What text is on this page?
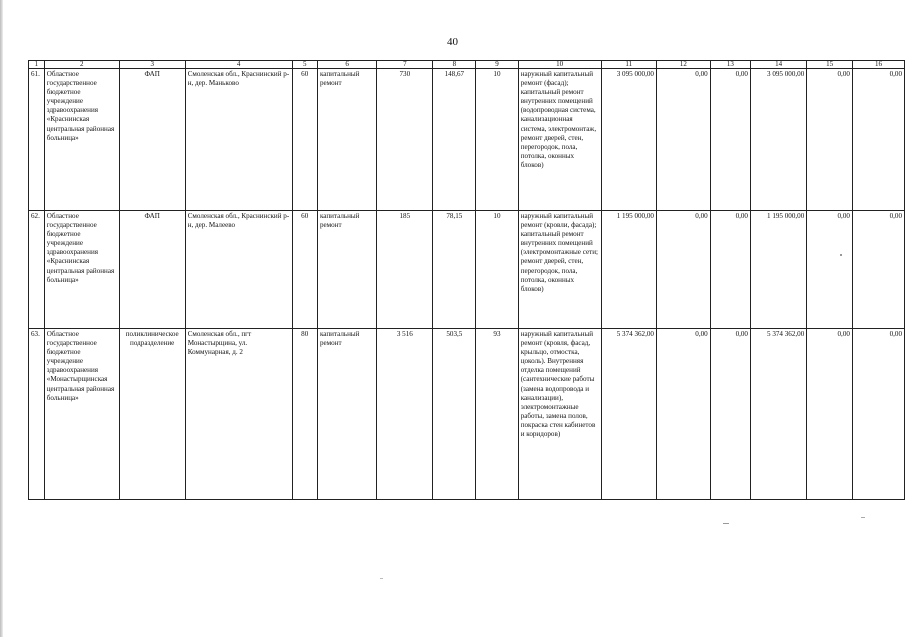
40
1	2	3	4	5	6	7	8	9	10	11	12	13	14	15	16
61.	Областное государственное бюджетное учреждение здравоохранения «Краснинская центральная районная больница»	ФАП	Смоленская обл., Краснинский р-н, дер. Маньково	60	капитальный ремонт	730	148,67	10	наружный капитальный ремонт (фасад); капитальный ремонт внутренних помещений (водопроводная система, канализационная система, электромонтаж, ремонт дверей, стен, перегородок, пола, потолка, оконных блоков)	3 095 000,00	0,00	0,00	3 095 000,00	0,00	0,00
62.	Областное государственное бюджетное учреждение здравоохранения «Краснинская центральная районная больница»	ФАП	Смоленская обл., Краснинский р-н, дер. Малеево	60	капитальный ремонт	185	78,15	10	наружный капитальный ремонт (кровли, фасада); капитальный ремонт внутренних помещений (электромонтажные сети; ремонт дверей, стен, перегородок, пола, потолка, оконных блоков)	1 195 000,00	0,00	0,00	1 195 000,00	0,00	0,00
63.	Областное государственное бюджетное учреждение здравоохранения «Монастырщинская центральная районная больница»	поликлиническое подразделение	Смоленская обл., пгт Монастырщина, ул. Коммунарная, д. 2	80	капитальный ремонт	3 516	503,5	93	наружный капитальный ремонт (кровля, фасад, крыльцо, отмостка, цоколь). Внутренняя отделка помещений (сантехнические работы (замена водопровода и канализации), электромонтажные работы, замена полов, покраска стен кабинетов и коридоров)	5 374 362,00	0,00	0,00	5 374 362,00	0,00	0,00
